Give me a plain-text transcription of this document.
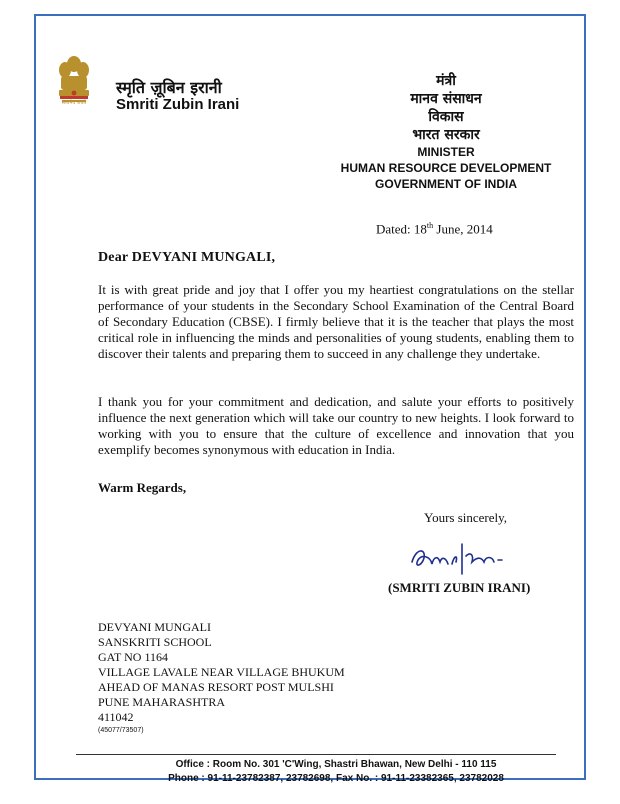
सत्यमेव जयते
स्मृति ज़ूबिन इरानी
Smriti Zubin Irani
मंत्री
मानव संसाधन
विकास
भारत सरकार
MINISTER
HUMAN RESOURCE DEVELOPMENT
GOVERNMENT OF INDIA
Dated: 18th June, 2014
Dear DEVYANI MUNGALI,
It is with great pride and joy that I offer you my heartiest congratulations on the stellar performance of your students in the Secondary School Examination of the Central Board of Secondary Education (CBSE). I firmly believe that it is the teacher that plays the most critical role in influencing the minds and personalities of young students, enabling them to discover their talents and preparing them to succeed in any challenge they undertake.
I thank you for your commitment and dedication, and salute your efforts to positively influence the next generation which will take our country to new heights. I look forward to working with you to ensure that the culture of excellence and innovation that you exemplify becomes synonymous with education in India.
Warm Regards,
Yours sincerely,
(SMRITI ZUBIN IRANI)
DEVYANI MUNGALI
SANSKRITI SCHOOL
GAT NO 1164
VILLAGE LAVALE NEAR VILLAGE BHUKUM
AHEAD OF MANAS RESORT POST MULSHI
PUNE MAHARASHTRA
411042
(45077/73507)
Office : Room No. 301 'C'Wing, Shastri Bhawan, New Delhi - 110 115
Phone : 91-11-23782387, 23782698, Fax No. : 91-11-23382365, 23782028
